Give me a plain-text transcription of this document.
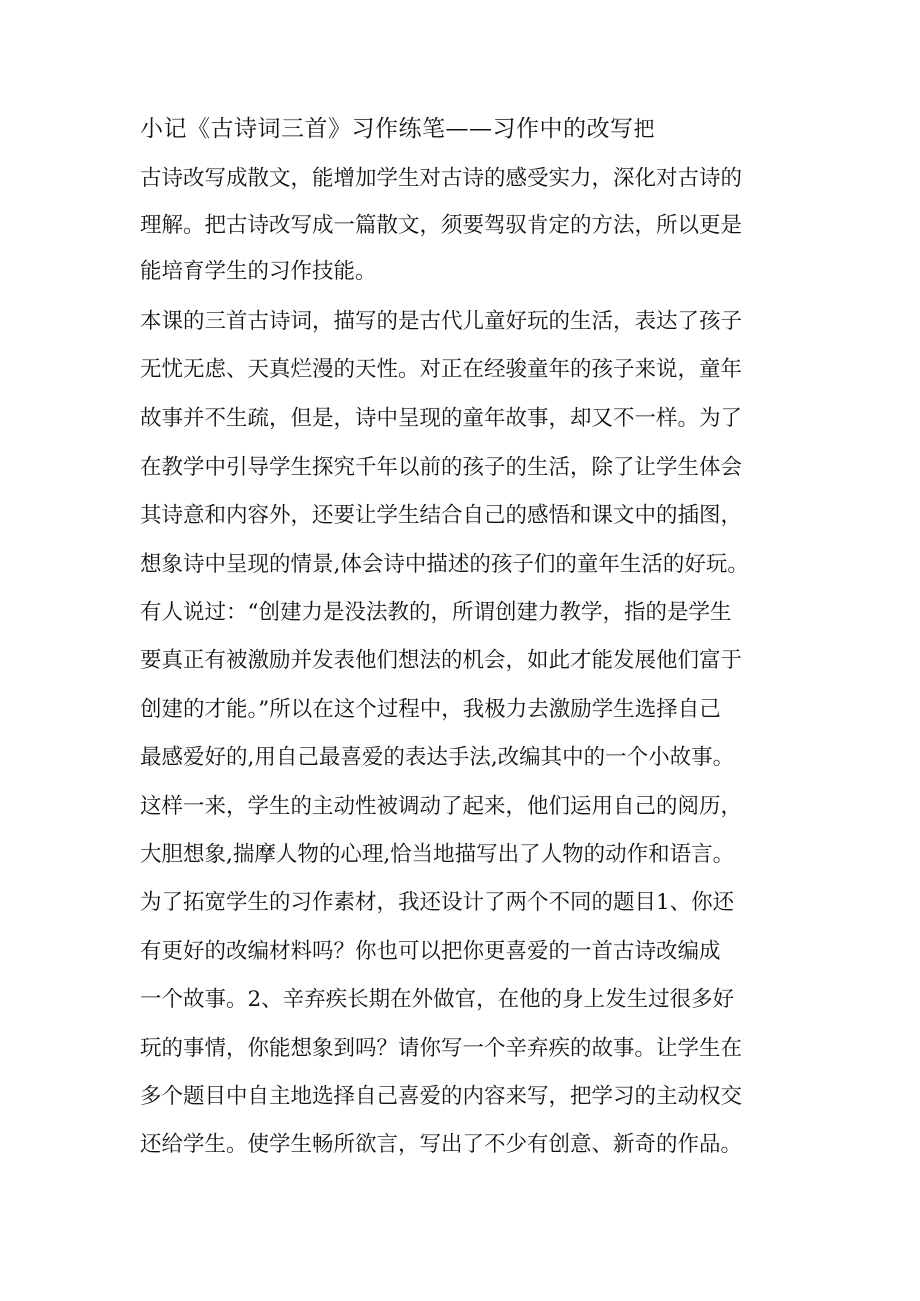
小记《古诗词三首》习作练笔——习作中的改写把
古诗改写成散文，能增加学生对古诗的感受实力，深化对古诗的
理解。把古诗改写成一篇散文，须要驾驭肯定的方法，所以更是
能培育学生的习作技能。
本课的三首古诗词，描写的是古代儿童好玩的生活，表达了孩子
无忧无虑、天真烂漫的天性。对正在经骏童年的孩子来说，童年
故事并不生疏，但是，诗中呈现的童年故事，却又不一样。为了
在教学中引导学生探究千年以前的孩子的生活，除了让学生体会
其诗意和内容外，还要让学生结合自己的感悟和课文中的插图，
想象诗中呈现的情景,体会诗中描述的孩子们的童年生活的好玩。
有人说过：“创建力是没法教的，所谓创建力教学，指的是学生
要真正有被激励并发表他们想法的机会，如此才能发展他们富于
创建的才能。”所以在这个过程中，我极力去激励学生选择自己
最感爱好的,用自己最喜爱的表达手法,改编其中的一个小故事。
这样一来，学生的主动性被调动了起来，他们运用自己的阅历，
大胆想象,揣摩人物的心理,恰当地描写出了人物的动作和语言。
为了拓宽学生的习作素材，我还设计了两个不同的题目1、你还
有更好的改编材料吗？你也可以把你更喜爱的一首古诗改编成
一个故事。2、辛弃疾长期在外做官，在他的身上发生过很多好
玩的事情，你能想象到吗？请你写一个辛弃疾的故事。让学生在
多个题目中自主地选择自己喜爱的内容来写，把学习的主动权交
还给学生。使学生畅所欲言，写出了不少有创意、新奇的作品。
